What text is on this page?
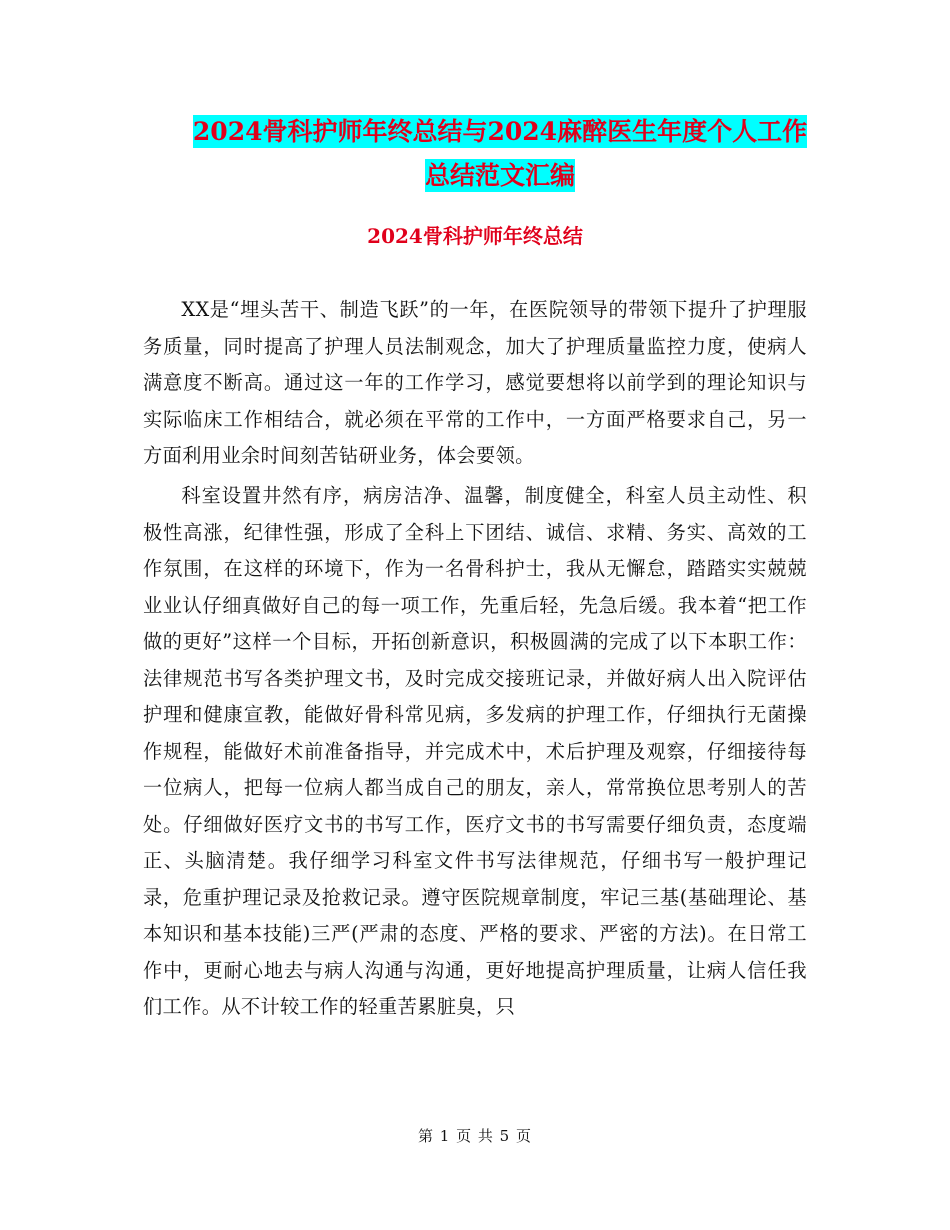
2024骨科护师年终总结与2024麻醉医生年度个人工作
总结范文汇编
2024骨科护师年终总结

XX是“埋头苦干、制造飞跃”的一年，在医院领导的带领下提升了护理服务质量，同时提高了护理人员法制观念，加大了护理质量监控力度，使病人满意度不断高。通过这一年的工作学习，感觉要想将以前学到的理论知识与实际临床工作相结合，就必须在平常的工作中，一方面严格要求自己，另一方面利用业余时间刻苦钻研业务，体会要领。

科室设置井然有序，病房洁净、温馨，制度健全，科室人员主动性、积极性高涨，纪律性强，形成了全科上下团结、诚信、求精、务实、高效的工作氛围，在这样的环境下，作为一名骨科护士，我从无懈怠，踏踏实实兢兢业业认仔细真做好自己的每一项工作，先重后轻，先急后缓。我本着“把工作做的更好”这样一个目标，开拓创新意识，积极圆满的完成了以下本职工作：法律规范书写各类护理文书，及时完成交接班记录，并做好病人出入院评估护理和健康宣教，能做好骨科常见病，多发病的护理工作，仔细执行无菌操作规程，能做好术前准备指导，并完成术中，术后护理及观察，仔细接待每一位病人，把每一位病人都当成自己的朋友，亲人，常常换位思考别人的苦处。仔细做好医疗文书的书写工作，医疗文书的书写需要仔细负责，态度端正、头脑清楚。我仔细学习科室文件书写法律规范，仔细书写一般护理记录，危重护理记录及抢救记录。遵守医院规章制度，牢记三基(基础理论、基本知识和基本技能)三严(严肃的态度、严格的要求、严密的方法)。在日常工作中，更耐心地去与病人沟通与沟通，更好地提高护理质量，让病人信任我们工作。从不计较工作的轻重苦累脏臭，只

第 1 页 共 5 页
